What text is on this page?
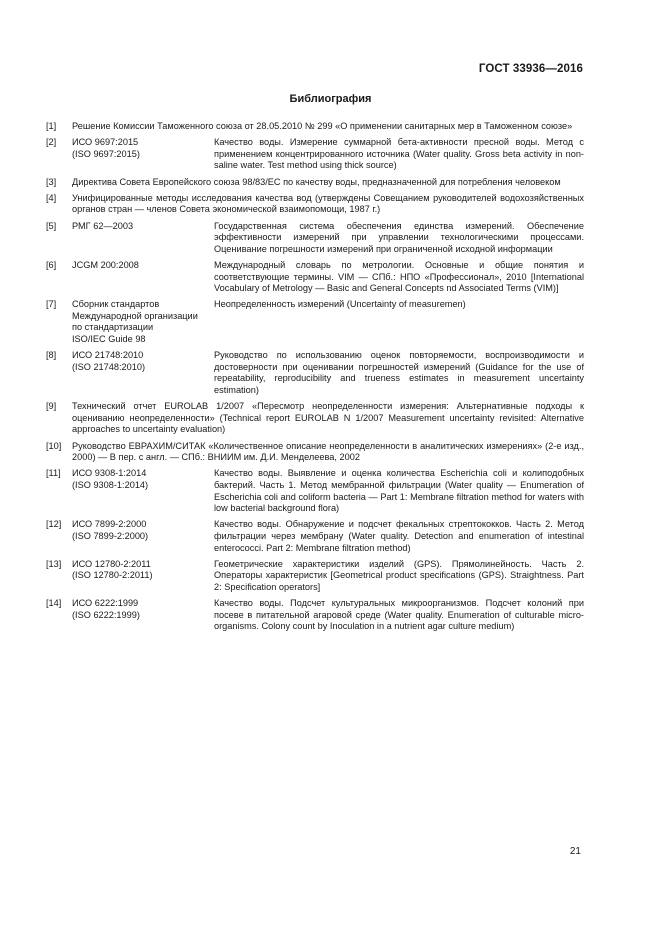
ГОСТ 33936—2016
Библиография
[1] Решение Комиссии Таможенного союза от 28.05.2010 № 299 «О применении санитарных мер в Таможенном союзе»
[2] ИСО 9697:2015
(ISO 9697:2015)
Качество воды. Измерение суммарной бета-активности пресной воды. Метод с применением концентрированного источника (Water quality. Gross beta activity in non-saline water. Test method using thick source)
[3] Директива Совета Европейского союза 98/83/ЕС по качеству воды, предназначенной для потребления человеком
[4] Унифицированные методы исследования качества вод (утверждены Совещанием руководителей водохозяйственных органов стран — членов Совета экономической взаимопомощи, 1987 г.)
[5] РМГ 62—2003	Государственная система обеспечения единства измерений. Обеспечение эффективности измерений при управлении технологическими процессами. Оценивание погрешности измерений при ограниченной исходной информации
[6] JCGM 200:2008	Международный словарь по метрологии. Основные и общие понятия и соответствующие термины. VIM — СПб.: НПО «Профессионал», 2010 [International Vocabulary of Metrology — Basic and General Concepts nd Associated Terms (VIM)]
[7] Сборник стандартов
Международной организации
по стандартизации
ISO/IEC Guide 98
Неопределенность измерений (Uncertainty of measuremen)
[8] ИСО 21748:2010
(ISO 21748:2010)
Руководство по использованию оценок повторяемости, воспроизводимости и достоверности при оценивании погрешностей измерений (Guidance for the use of repeatability, reproducibility and trueness estimates in measurement uncertainty estimation)
[9] Технический отчет EUROLAB 1/2007 «Пересмотр неопределенности измерения: Альтернативные подходы к оцениванию неопределенности» (Technical report EUROLAB N 1/2007 Measurement uncertainty revisited: Alternative approaches to uncertainty evaluation)
[10] Руководство ЕВРАХИМ/СИТАК «Количественное описание неопределенности в аналитических измерениях» (2-е изд., 2000) — В пер. с англ. — СПб.: ВНИИМ им. Д.И. Менделеева, 2002
[11] ИСО 9308-1:2014
(ISO 9308-1:2014)
Качество воды. Выявление и оценка количества Escherichia coli и колиподобных бактерий. Часть 1. Метод мембранной фильтрации (Water quality — Enumeration of Escherichia coli and coliform bacteria — Part 1: Membrane filtration method for waters with low bacterial background flora)
[12] ИСО 7899-2:2000
(ISO 7899-2:2000)
Качество воды. Обнаружение и подсчет фекальных стрептококков. Часть 2. Метод фильтрации через мембрану (Water quality. Detection and enumeration of intestinal enterococci. Part 2: Membrane filtration method)
[13] ИСО 12780-2:2011
(ISO 12780-2:2011)
Геометрические характеристики изделий (GPS). Прямолинейность. Часть 2. Операторы характеристик [Geometrical product specifications (GPS). Straightness. Part 2: Specification operators]
[14] ИСО 6222:1999
(ISO 6222:1999)
Качество воды. Подсчет культуральных микроорганизмов. Подсчет колоний при посеве в питательной агаровой среде (Water quality. Enumeration of culturable micro-organisms. Colony count by Inoculation in a nutrient agar culture medium)
21
